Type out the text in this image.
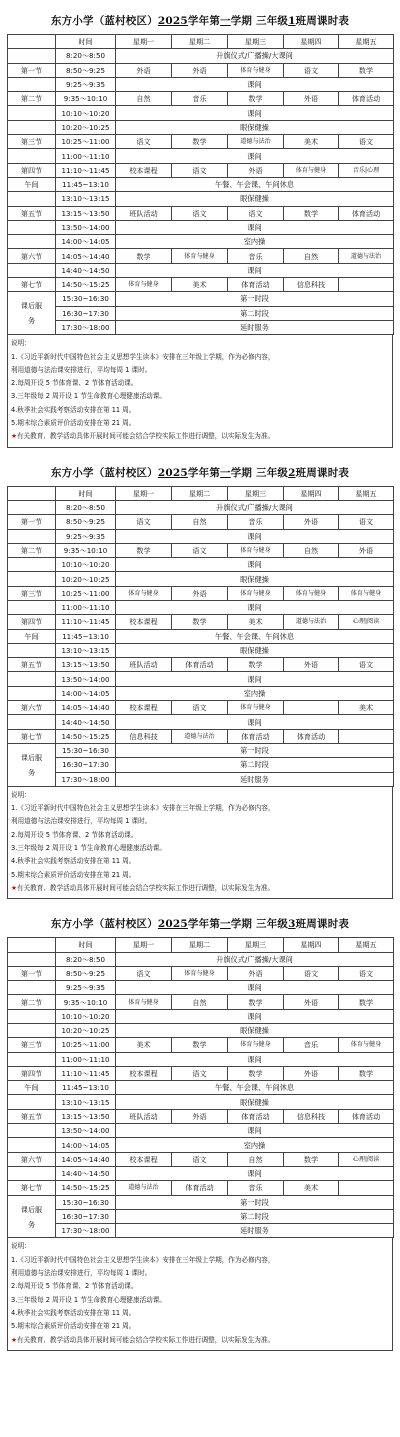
东方小学（蓝村校区）2025学年第一学期 三年级1班周课时表
	时间	星期一	星期二	星期三	星期四	星期五
	8:20～8:50	升旗仪式/广播操/大课间				
第一节	8:50～9:25	外语	外语	体育与健身	语文	数学
	9:25～9:35	课间				
第二节	9:35～10:10	自然	音乐	数学	外语	体育活动
	10:10～10:20	课间				
	10:20～10:25	眼保健操				
第三节	10:25～11:00	语文	数学	道德与法治	美术	语文
	11:00～11:10	课间				
第四节	11:10～11:45	校本课程	语文	外语	体育与健身	音乐|心理
午间	11:45~13:10	午餐、午会课、午间休息				
	13:10～13:15	眼保健操				
第五节	13:15～13:50	班队活动	语文	语文	数学	体育活动
	13:50～14:00	课间				
	14:00～14:05	室内操				
第六节	14:05～14:40	数学	体育与健身	音乐	自然	道德与法治
	14:40～14:50	课间				
第七节	14:50～15:25	体育与健身	美术	体育活动	信息科技	
课后服务	15:30~16:30	第一时段				
	16:30~17:30	第二时段				
	17:30～18:00	延时服务				
说明：
1.《习近平新时代中国特色社会主义思想学生读本》安排在三年级上学期，作为必修内容，
利用道德与法治课安排进行，平均每周 1 课时。
2.每周开设 5 节体育课、2 节体育活动课。
3.三年级每 2 周开设 1 节生命教育心理健康活动课。
4.秋季社会实践考察活动安排在第 11 周。
5.期末综合素质评价活动安排在第 21 周。
★有关教育、教学活动具体开展时间可能会结合学校实际工作进行调整，以实际发生为准。
东方小学（蓝村校区）2025学年第一学期 三年级2班周课时表
	时间	星期一	星期二	星期三	星期四	星期五
	8:20～8:50	升旗仪式/广播操/大课间				
第一节	8:50～9:25	语文	自然	音乐	外语	语文
	9:25～9:35	课间				
第二节	9:35～10:10	数学	语文	体育与健身	自然	外语
	10:10～10:20	课间				
	10:20～10:25	眼保健操				
第三节	10:25～11:00	体育与健身	外语	体育与健身	体育与健身	体育与健身
	11:00～11:10	课间				
第四节	11:10～11:45	校本课程	数学	美术	道德与法治	心理|阅读
午间	11:45~13:10	午餐、午会课、午间休息				
	13:10～13:15	眼保健操				
第五节	13:15～13:50	班队活动	体育活动	数学	外语	语文
	13:50～14:00	课间				
	14:00～14:05	室内操				
第六节	14:05～14:40	校本课程	语文	体育与健身		美术
	14:40～14:50	课间				
第七节	14:50～15:25	信息科技	道德与法治	体育活动	体育活动	
课后服务	15:30~16:30	第一时段				
	16:30~17:30	第二时段				
	17:30～18:00	延时服务				
说明：
1.《习近平新时代中国特色社会主义思想学生读本》安排在三年级上学期，作为必修内容，
利用道德与法治课安排进行，平均每周 1 课时。
2.每周开设 5 节体育课、2 节体育活动课。
3.三年级每 2 周开设 1 节生命教育心理健康活动课。
4.秋季社会实践考察活动安排在第 11 周。
5.期末综合素质评价活动安排在第 21 周。
★有关教育、教学活动具体开展时间可能会结合学校实际工作进行调整，以实际发生为准。
东方小学（蓝村校区）2025学年第一学期 三年级3班周课时表
	时间	星期一	星期二	星期三	星期四	星期五
	8:20～8:50	升旗仪式/广播操/大课间				
第一节	8:50～9:25	语文	体育与健身	外语	语文	语文
	9:25～9:35	课间				
第二节	9:35～10:10	体育与健身	自然	数学	外语	数学
	10:10～10:20	课间				
	10:20～10:25	眼保健操				
第三节	10:25～11:00	美术	数学	体育与健身	音乐	体育与健身
	11:00～11:10	课间				
第四节	11:10～11:45	校本课程	语文	数学	外语	数学
午间	11:45~13:10	午餐、午会课、午间休息				
	13:10～13:15	眼保健操				
第五节	13:15～13:50	班队活动	外语	体育活动	信息科技	体育活动
	13:50～14:00	课间				
	14:00～14:05	室内操				
第六节	14:05～14:40	校本课程	语文	自然	数学	心理|阅读
	14:40～14:50	课间				
第七节	14:50～15:25	道德与法治	体育活动	音乐	美术	
课后服务	15:30~16:30	第一时段				
	16:30~17:30	第二时段				
	17:30～18:00	延时服务				
说明：
1.《习近平新时代中国特色社会主义思想学生读本》安排在三年级上学期，作为必修内容，
利用道德与法治课安排进行，平均每周 1 课时。
2.每周开设 5 节体育课、2 节体育活动课。
3.三年级每 2 周开设 1 节生命教育心理健康活动课。
4.秋季社会实践考察活动安排在第 11 周。
5.期末综合素质评价活动安排在第 21 周。
★有关教育、教学活动具体开展时间可能会结合学校实际工作进行调整，以实际发生为准。
